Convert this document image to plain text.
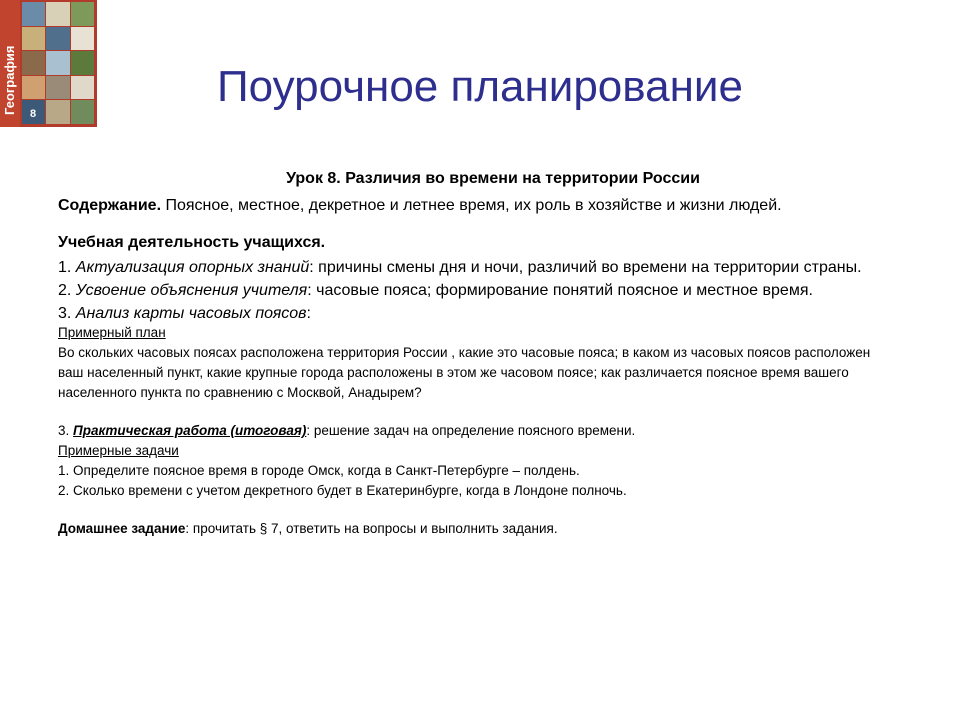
География 8
Поурочное планирование

Урок 8. Различия во времени на территории России

Содержание. Поясное, местное, декретное и летнее время, их роль в хозяйстве и жизни людей.

Учебная деятельность учащихся.

1. Актуализация опорных знаний: причины смены дня и ночи, различий во времени на территории страны.

2. Усвоение объяснения учителя: часовые пояса; формирование понятий поясное и местное время.

3. Анализ карты часовых поясов:

Примерный план

Во скольких часовых поясах расположена территория России , какие это часовые пояса; в каком из часовых поясов расположен ваш населенный пункт, какие крупные города расположены в этом же часовом поясе; как различается поясное время вашего населенного пункта по сравнению с Москвой, Анадырем?

3. Практическая работа (итоговая): решение задач на определение поясного времени.

Примерные задачи

1. Определите поясное время в городе Омск, когда в Санкт-Петербурге – полдень.

2. Сколько времени с учетом декретного будет в Екатеринбурге, когда в Лондоне полночь.

Домашнее задание: прочитать § 7, ответить на вопросы и выполнить задания.
